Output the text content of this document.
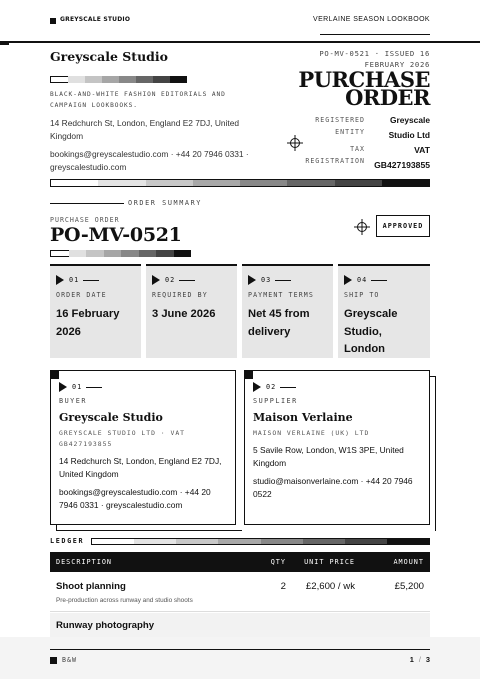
GREYSCALE STUDIO	VERLAINE SEASON LOOKBOOK
Greyscale Studio
BLACK-AND-WHITE FASHION EDITORIALS AND CAMPAIGN LOOKBOOKS.
14 Redchurch St, London, England E2 7DJ, United Kingdom
bookings@greyscalestudio.com · +44 20 7946 0331 · greyscalestudio.com
PO-MV-0521 · ISSUED 16
FEBRUARY 2026
PURCHASE
ORDER
REGISTERED
ENTITY
Greyscale Studio Ltd
TAX
REGISTRATION
VAT
GB427193855
ORDER SUMMARY
PURCHASE ORDER
PO-MV-0521	APPROVED
01
ORDER DATE
16 February 2026
02
REQUIRED BY
3 June 2026
03
PAYMENT TERMS
Net 45 from delivery
04
SHIP TO
Greyscale Studio, London
01
BUYER
Greyscale Studio
GREYSCALE STUDIO LTD · VAT GB427193855
14 Redchurch St, London, England E2 7DJ, United Kingdom
bookings@greyscalestudio.com · +44 20 7946 0331 · greyscalestudio.com
02
SUPPLIER
Maison Verlaine
MAISON VERLAINE (UK) LTD
5 Savile Row, London, W1S 3PE, United Kingdom
studio@maisonverlaine.com · +44 20 7946 0522
LEDGER
DESCRIPTION	QTY	UNIT PRICE	AMOUNT
Shoot planning
Pre-production across runway and studio shoots
2 £2,600 / wk	£5,200
Runway photography
B&W	1 / 3
